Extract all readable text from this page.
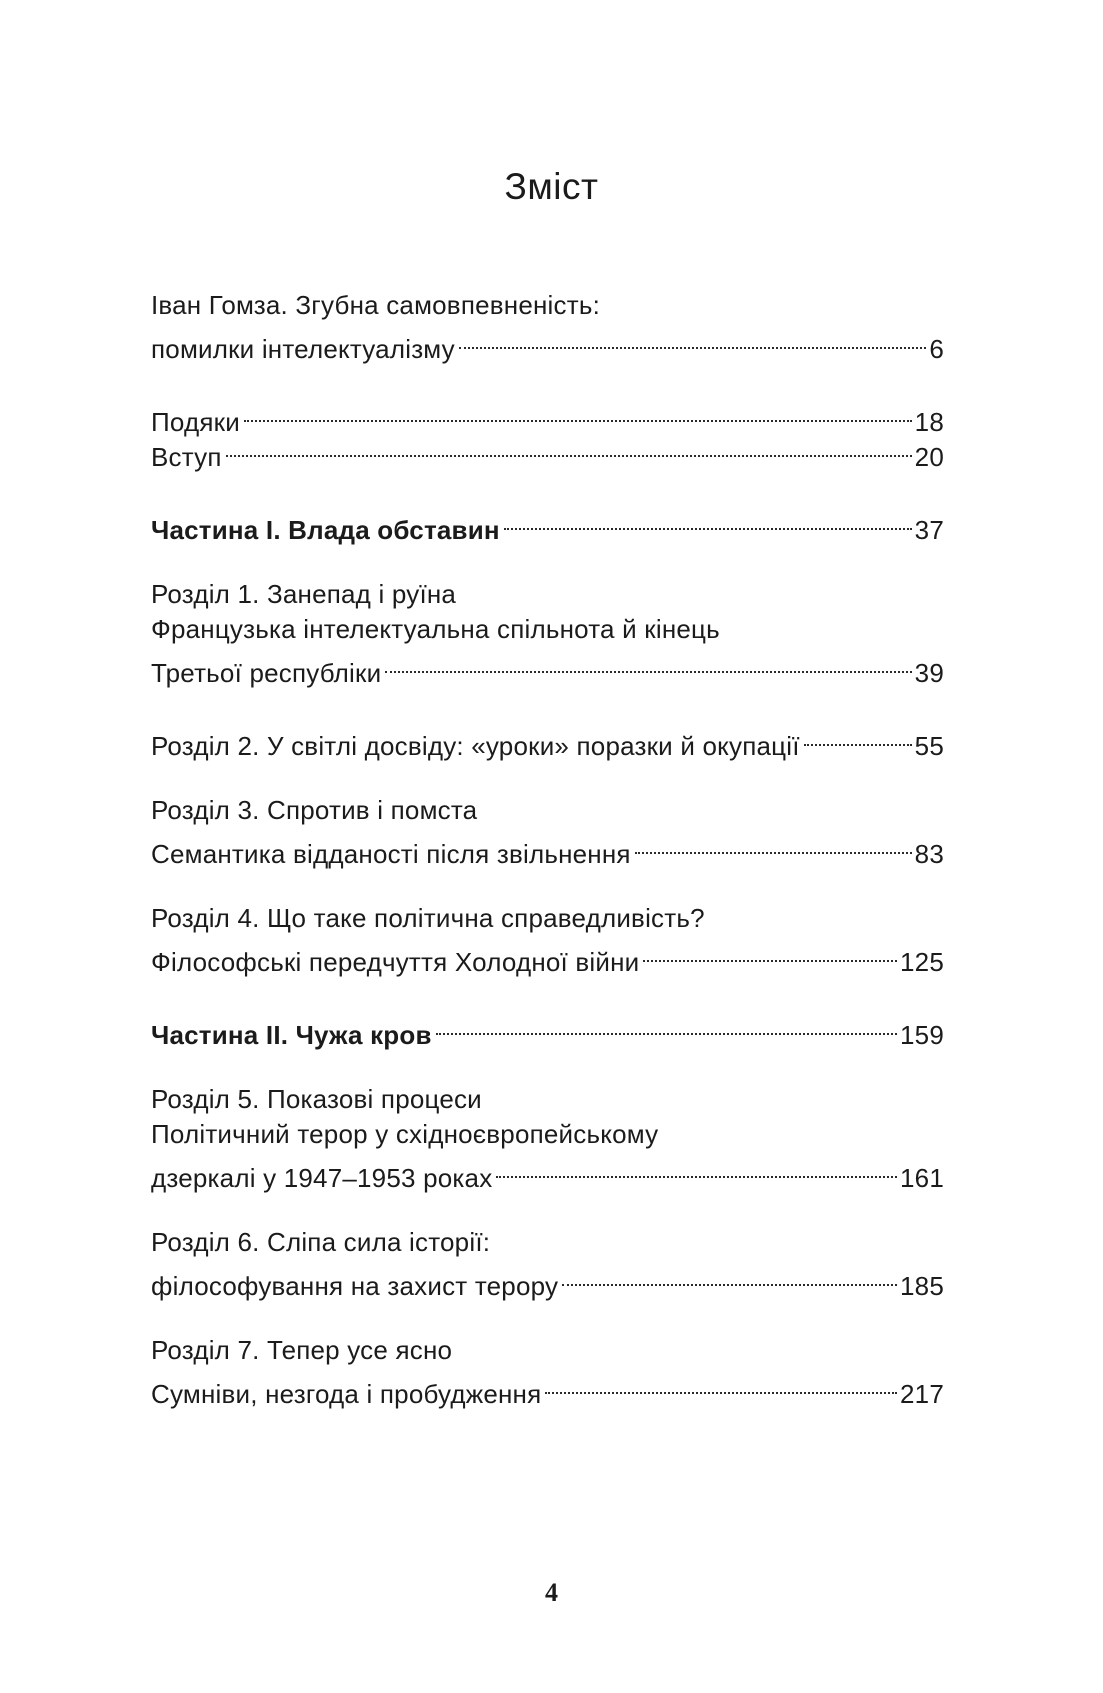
Зміст
Іван Гомза. Згубна самовпевненість:
помилки інтелектуалізму	6
Подяки	18
Вступ	20
Частина I. Влада обставин	37
Розділ 1. Занепад і руїна
Французька інтелектуальна спільнота й кінець
Третьої республіки	39
Розділ 2. У світлі досвіду: «уроки» поразки й окупації	55
Розділ 3. Спротив і помста
Семантика відданості після звільнення	83
Розділ 4. Що таке політична справедливість?
Філософські передчуття Холодної війни	125
Частина II. Чужа кров	159
Розділ 5. Показові процеси
Політичний терор у східноєвропейському
дзеркалі у 1947–1953 роках	161
Розділ 6. Сліпа сила історії:
філософування на захист терору	185
Розділ 7. Тепер усе ясно
Сумніви, незгода і пробудження	217
4
